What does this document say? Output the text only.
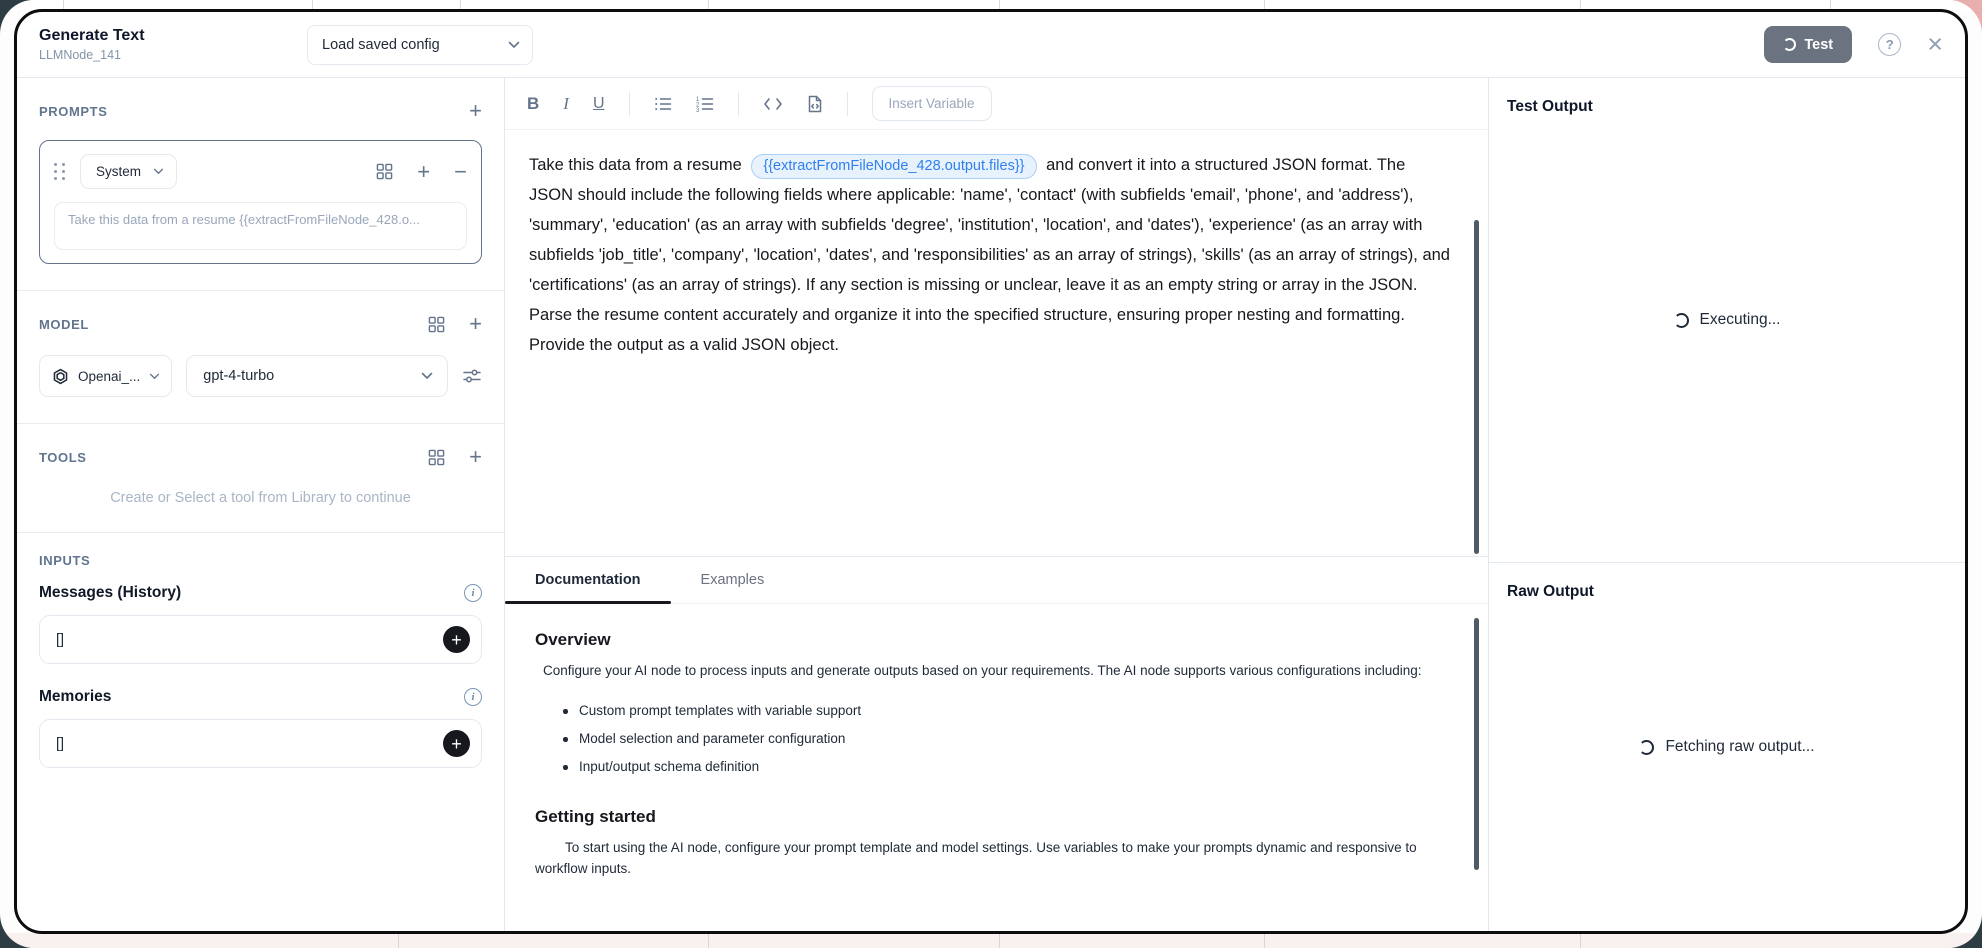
Generate Text
LLMNode_141
Load saved config	Test	? ×
PROMPTS	+
System	+ −
Take this data from a resume {{extractFromFileNode_428.o...
MODEL	+
Openai_...	gpt-4-turbo
TOOLS	+
Create or Select a tool from Library to continue
INPUTS
Messages (History)	i
[]	+
Memories	i
[]	+
B I U	1
2
3	Insert Variable

Take this data from a resume {{extractFromFileNode_428.output.files}} and convert it into a structured JSON format. The JSON should include the following fields where applicable: 'name', 'contact' (with subfields 'email', 'phone', and 'address'), 'summary', 'education' (as an array with subfields 'degree', 'institution', 'location', and 'dates'), 'experience' (as an array with subfields 'job_title', 'company', 'location', 'dates', and 'responsibilities' as an array of strings), 'skills' (as an array of strings), and 'certifications' (as an array of strings). If any section is missing or unclear, leave it as an empty string or array in the JSON. Parse the resume content accurately and organize it into the specified structure, ensuring proper nesting and formatting. Provide the output as a valid JSON object.

Documentation	Examples
Overview

Configure your AI node to process inputs and generate outputs based on your requirements. The AI node supports various configurations including:

Custom prompt templates with variable support
Model selection and parameter configuration
Input/output schema definition
Getting started

To start using the AI node, configure your prompt template and model settings. Use variables to make your prompts dynamic and responsive to workflow inputs.

Test Output
Executing...
Raw Output
Fetching raw output...
